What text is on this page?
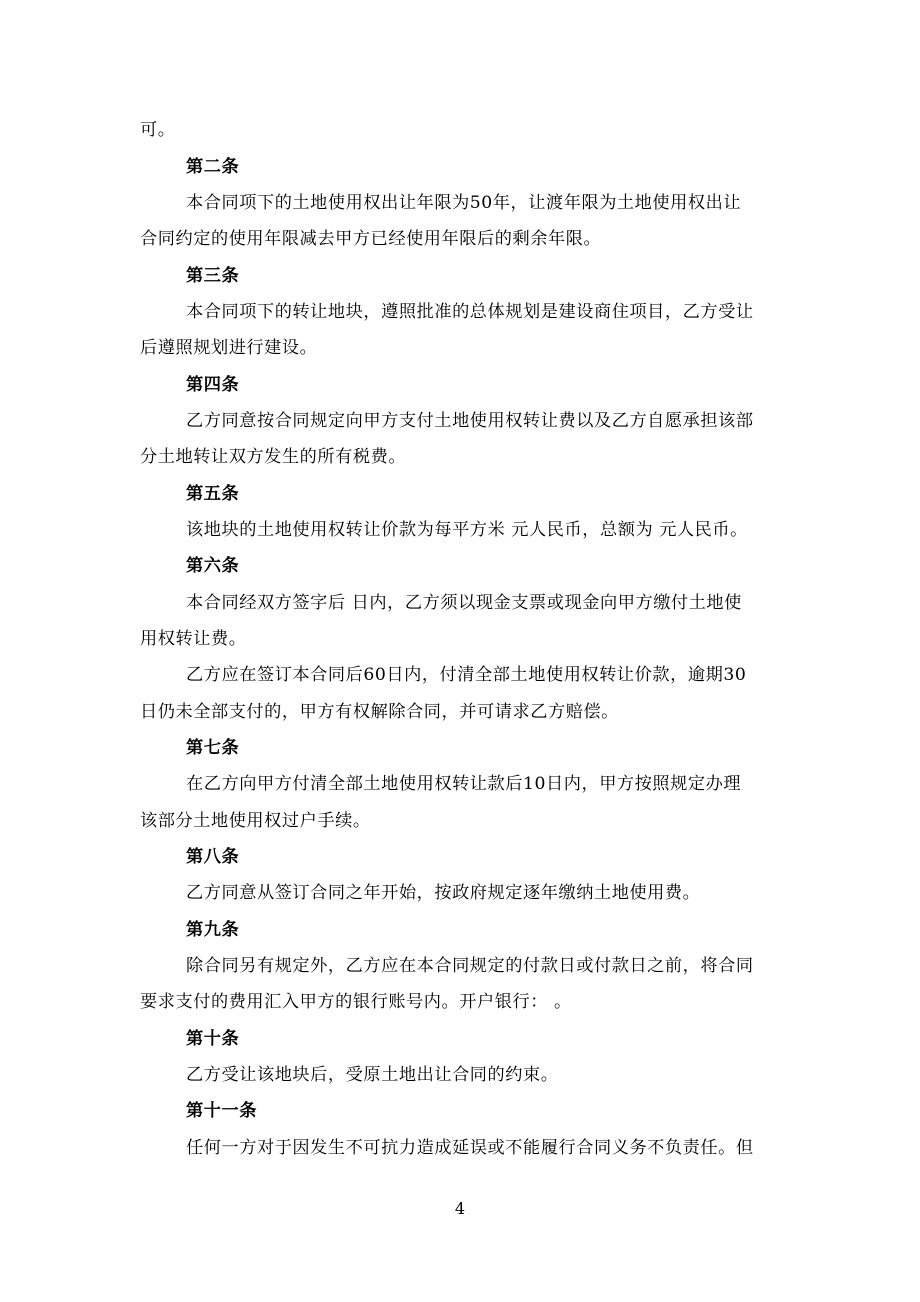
可。
第二条
本合同项下的土地使用权出让年限为50年，让渡年限为土地使用权出让
合同约定的使用年限减去甲方已经使用年限后的剩余年限。
第三条
本合同项下的转让地块，遵照批准的总体规划是建设商住项目，乙方受让
后遵照规划进行建设。
第四条
乙方同意按合同规定向甲方支付土地使用权转让费以及乙方自愿承担该部
分土地转让双方发生的所有税费。
第五条
该地块的土地使用权转让价款为每平方米 元人民币，总额为 元人民币。
第六条
本合同经双方签字后 日内，乙方须以现金支票或现金向甲方缴付土地使
用权转让费。
乙方应在签订本合同后60日内，付清全部土地使用权转让价款，逾期30
日仍未全部支付的，甲方有权解除合同，并可请求乙方赔偿。
第七条
在乙方向甲方付清全部土地使用权转让款后10日内，甲方按照规定办理
该部分土地使用权过户手续。
第八条
乙方同意从签订合同之年开始，按政府规定逐年缴纳土地使用费。
第九条
除合同另有规定外，乙方应在本合同规定的付款日或付款日之前，将合同
要求支付的费用汇入甲方的银行账号内。开户银行： 。
第十条
乙方受让该地块后，受原土地出让合同的约束。
第十一条
任何一方对于因发生不可抗力造成延误或不能履行合同义务不负责任。但
4
